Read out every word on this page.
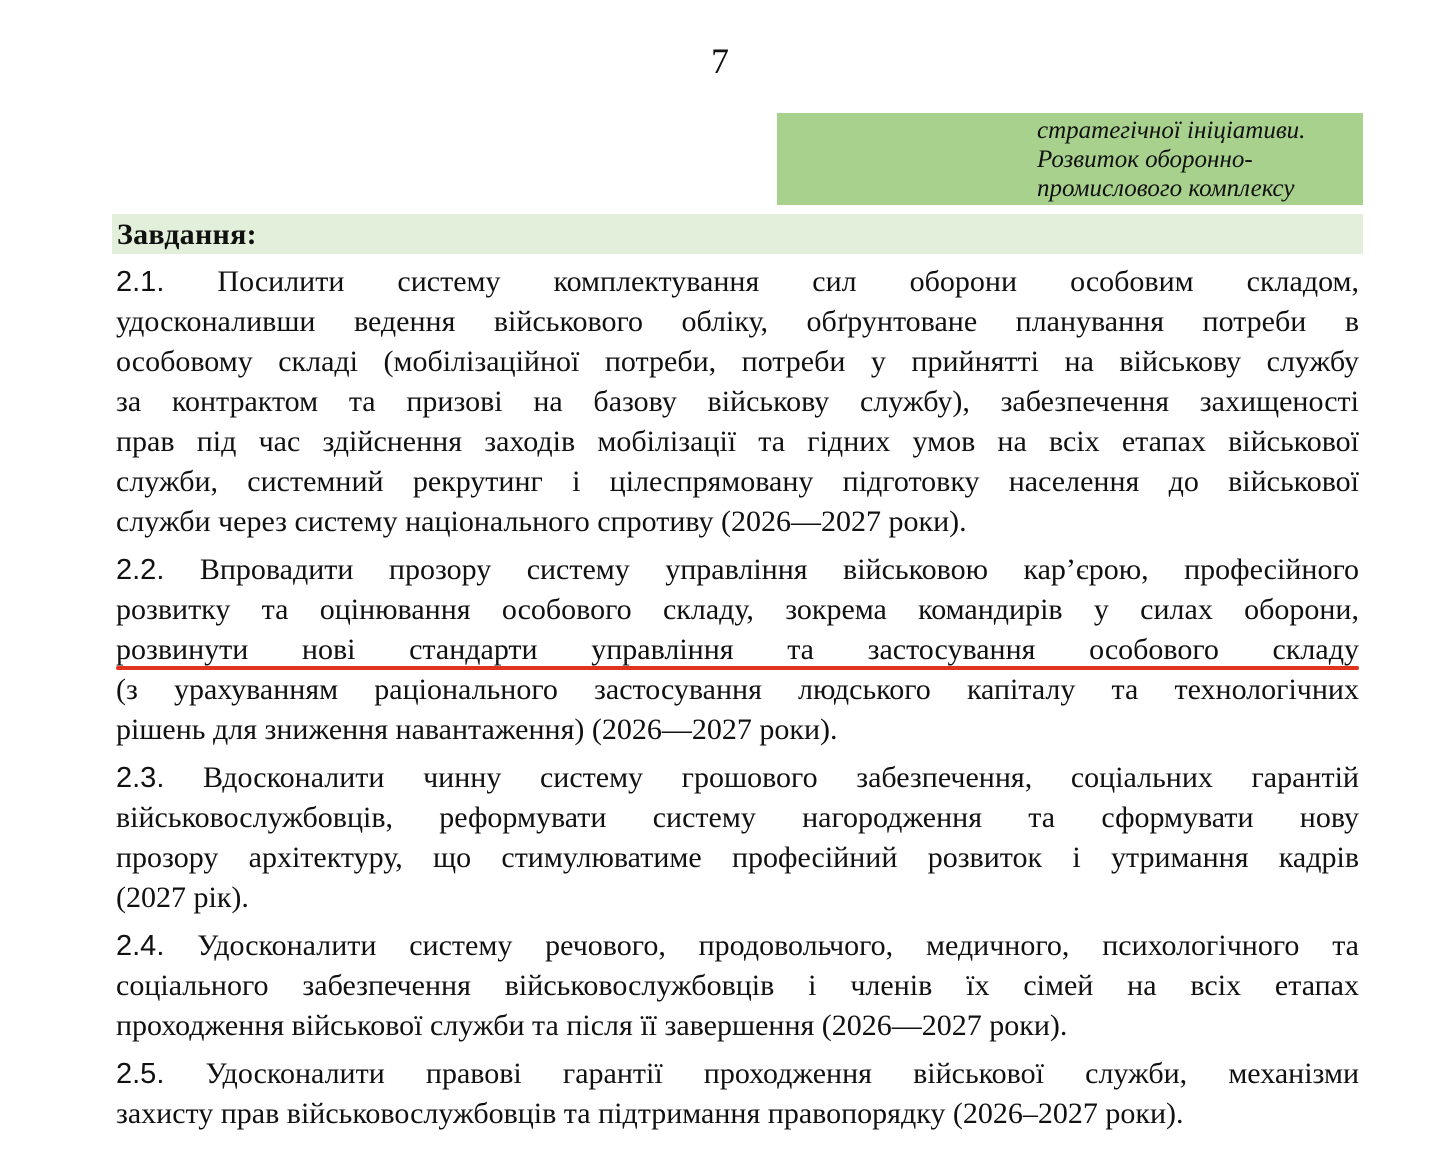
7
стратегічної ініціативи.
Розвиток оборонно-
промислового комплексу
Завдання:
2.1. Посилити систему комплектування сил оборони особовим складом,
удосконаливши ведення військового обліку, обґрунтоване планування потреби в
особовому складі (мобілізаційної потреби, потреби у прийнятті на військову службу
за контрактом та призові на базову військову службу), забезпечення захищеності
прав під час здійснення заходів мобілізації та гідних умов на всіх етапах військової
служби, системний рекрутинг і цілеспрямовану підготовку населення до військової
служби через систему національного спротиву (2026—2027 роки).
2.2. Впровадити прозору систему управління військовою кар’єрою, професійного
розвитку та оцінювання особового складу, зокрема командирів у силах оборони,
розвинути нові стандарти управління та застосування особового складу
(з урахуванням раціонального застосування людського капіталу та технологічних
рішень для зниження навантаження) (2026—2027 роки).
2.3. Вдосконалити чинну систему грошового забезпечення, соціальних гарантій
військовослужбовців, реформувати систему нагородження та сформувати нову
прозору архітектуру, що стимулюватиме професійний розвиток і утримання кадрів
(2027 рік).
2.4. Удосконалити систему речового, продовольчого, медичного, психологічного та
соціального забезпечення військовослужбовців і членів їх сімей на всіх етапах
проходження військової служби та після її завершення (2026—2027 роки).
2.5. Удосконалити правові гарантії проходження військової служби, механізми
захисту прав військовослужбовців та підтримання правопорядку (2026–2027 роки).
